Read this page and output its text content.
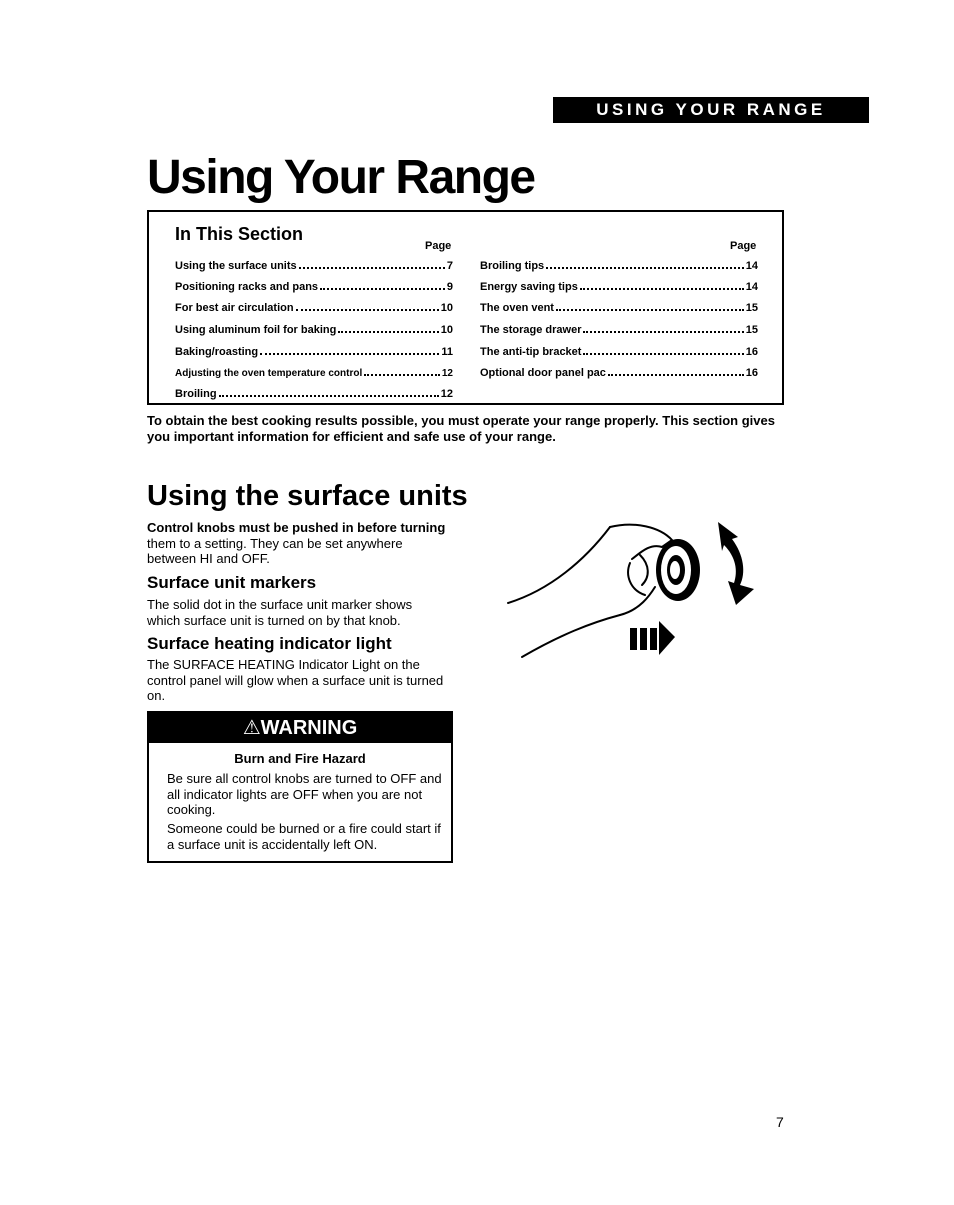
USING YOUR RANGE
Using Your Range
In This Section
Page	Page
Using the surface units	7
Positioning racks and pans	9
For best air circulation	10
Using aluminum foil for baking	10
Baking/roasting	11
Adjusting the oven temperature control	12
Broiling	12
Broiling tips	14
Energy saving tips	14
The oven vent	15
The storage drawer	15
The anti-tip bracket	16
Optional door panel pac	16
To obtain the best cooking results possible, you must operate your range properly. This section gives you important information for efficient and safe use of your range.
Using the surface units
Control knobs must be pushed in before turning them to a setting. They can be set anywhere between HI and OFF.
Surface unit markers
The solid dot in the surface unit marker shows which surface unit is turned on by that knob.
Surface heating indicator light
The SURFACE HEATING Indicator Light on the control panel will glow when a surface unit is turned on.
⚠WARNING
Burn and Fire Hazard
Be sure all control knobs are turned to OFF and all indicator lights are OFF when you are not cooking.
Someone could be burned or a fire could start if a surface unit is accidentally left ON.
7
